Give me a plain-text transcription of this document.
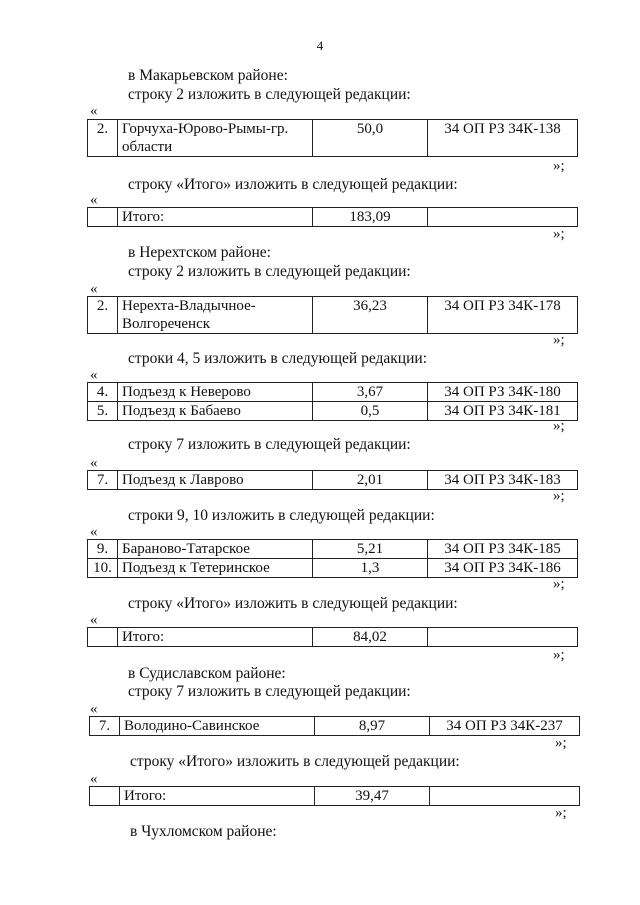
4
в Макарьевском районе:
строку 2 изложить в следующей редакции:
«
2.	Горчуха-Юрово-Рымы-гр.
области	50,0	34 ОП РЗ 34К-138
»;
строку «Итого» изложить в следующей редакции:
«
	Итого:	183,09	
»;
в Нерехтском районе:
строку 2 изложить в следующей редакции:
«
2.	Нерехта-Владычное-
Волгореченск	36,23	34 ОП РЗ 34К-178
»;
строки 4, 5 изложить в следующей редакции:
«
4.	Подъезд к Неверово	3,67	34 ОП РЗ 34К-180
5.	Подъезд к Бабаево	0,5	34 ОП РЗ 34К-181
»;
строку 7 изложить в следующей редакции:
«
7.	Подъезд к Лаврово	2,01	34 ОП РЗ 34К-183
»;
строки 9, 10 изложить в следующей редакции:
«
9.	Бараново-Татарское	5,21	34 ОП РЗ 34К-185
10.	Подъезд к Тетеринское	1,3	34 ОП РЗ 34К-186
»;
строку «Итого» изложить в следующей редакции:
«
	Итого:	84,02	
»;
в Судиславском районе:
строку 7 изложить в следующей редакции:
«
7.	Володино-Савинское	8,97	34 ОП РЗ 34К-237
»;
строку «Итого» изложить в следующей редакции:
«
	Итого:	39,47	
»;
в Чухломском районе:
